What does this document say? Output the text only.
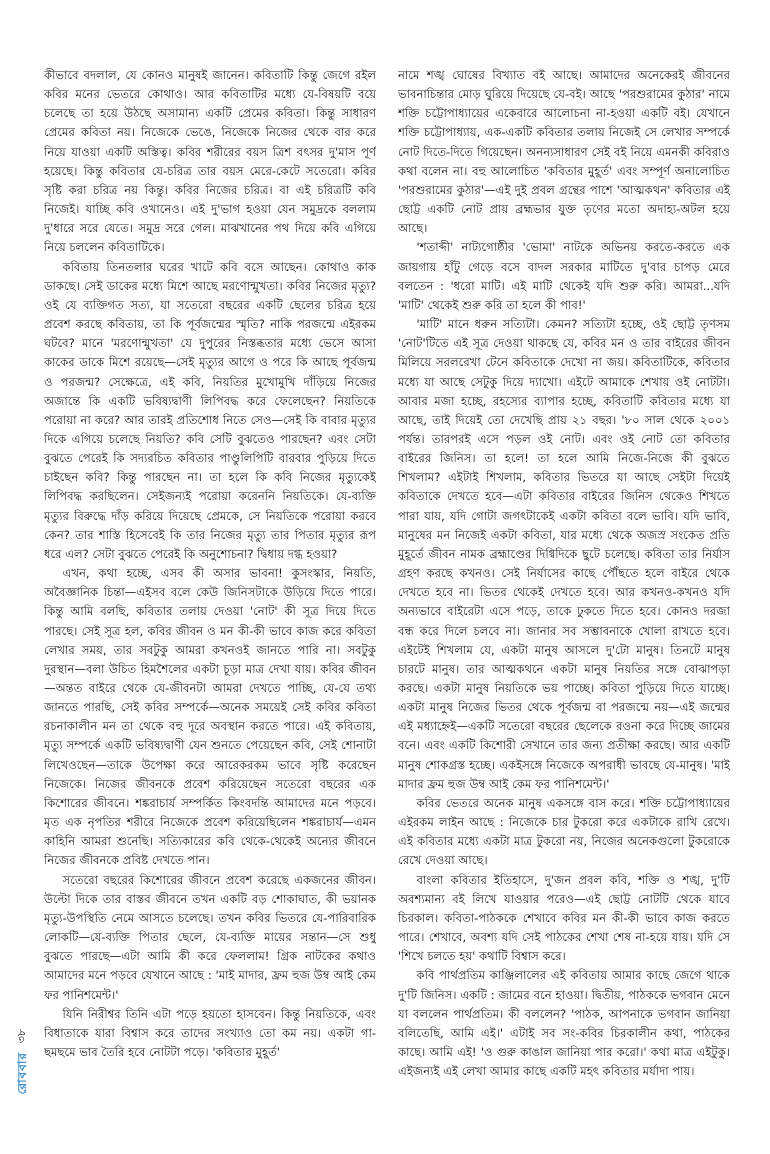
কীভাবে বদলাল, যে কোনও মানুষই জানেন। কবিতাটি কিন্তু জেগে রইল কবির মনের ভেতরে কোথাও। আর কবিতাটির মধ্যে যে-বিষয়টি বয়ে চলেছে তা হয়ে উঠছে অসামান্য একটি প্রেমের কবিতা। কিন্তু সাধারণ প্রেমের কবিতা নয়। নিজেকে ভেঙে, নিজেকে নিজের থেকে বার করে নিয়ে যাওয়া একটি অস্তিত্ব। কবির শরীরের বয়স ত্রিশ বৎসর দু'মাস পূর্ণ হয়েছে। কিন্তু কবিতার যে-চরিত্র তার বয়স মেরে-কেটে সতেরো। কবির সৃষ্টি করা চরিত্র নয় কিন্তু। কবির নিজের চরিত্র। বা এই চরিত্রটি কবি নিজেই। যাচ্ছি কবি ওখানেও। এই দু'ভাগ হওয়া যেন সমুদ্রকে বললাম দু'ধারে সরে যেতে। সমুদ্র সরে গেল। মাঝখানের পথ দিয়ে কবি এগিয়ে নিয়ে চললেন কবিতাটিকে।

কবিতায় তিনতলার ঘরের খাটে কবি বসে আছেন। কোথাও কাক ডাকছে। সেই ডাকের মধ্যে মিশে আছে মরণোন্মুখতা। কবির নিজের মৃত্যু? ওই যে ব্যক্তিগত সত্য, যা সতেরো বছরের একটি ছেলের চরিত্র হয়ে প্রবেশ করছে কবিতায়, তা কি পূর্বজন্মের স্মৃতি? নাকি পরজন্মে এইরকম ঘটবে? মানে 'মরণোন্মুখতা' যে দুপুরের নিস্তব্ধতার মধ্যে ভেসে আসা কাকের ডাকে মিশে রয়েছে—সেই মৃত্যুর আগে ও পরে কি আছে পূর্বজন্ম ও পরজন্ম? সেক্ষেত্রে, এই কবি, নিয়তির মুখোমুখি দাঁড়িয়ে নিজের অজান্তে কি একটি ভবিষ্যদ্বাণী লিপিবদ্ধ করে ফেলেছেন? নিয়তিকে পরোয়া না করে? আর তারই প্রতিশোধ নিতে সেও—সেই কি বাবার মৃত্যুর দিকে এগিয়ে চলেছে নিয়তি? কবি সেটি বুঝতেও পারছেন? এবং সেটা বুঝতে পেরেই কি সদ্যরচিত কবিতার পাণ্ডুলিপিটি বারবার পুড়িয়ে দিতে চাইছেন কবি? কিন্তু পারছেন না। তা হলে কি কবি নিজের মৃত্যুকেই লিপিবদ্ধ করছিলেন। সেইজন্যই পরোয়া করেননি নিয়তিকে। যে-ব্যক্তি মৃত্যুর বিরুদ্ধে দাঁড় করিয়ে দিয়েছে প্রেমকে, সে নিয়তিকে পরোয়া করবে কেন? তার শাস্তি হিসেবেই কি তার নিজের মৃত্যু তার পিতার মৃত্যুর রূপ ধরে এল? সেটা বুঝতে পেরেই কি অনুশোচনা? দ্বিধায় দগ্ধ হওয়া?

এখন, কথা হচ্ছে, এসব কী অসার ভাবনা! কুসংস্কার, নিয়তি, অবৈজ্ঞানিক চিন্তা—এইসব বলে কেউ জিনিসটাকে উড়িয়ে দিতে পারে। কিন্তু আমি বলছি, কবিতার তলায় দেওয়া 'নোট' কী সূত্র দিয়ে দিতে পারছে। সেই সূত্র হল, কবির জীবন ও মন কী-কী ভাবে কাজ করে কবিতা লেখার সময়, তার সবটুকু আমরা কখনওই জানতে পারি না। সবটুকু দুরস্থান—বলা উচিত হিমশৈলের একটা চূড়া মাত্র দেখা যায়। কবির জীবন—অন্তত বাইরে থেকে যে-জীবনটা আমরা দেখতে পাচ্ছি, যে-যে তথ্য জানতে পারছি, সেই কবির সম্পর্কে—অনেক সময়েই সেই কবির কবিতা রচনাকালীন মন তা থেকে বহু দূরে অবস্থান করতে পারে। এই কবিতায়, মৃত্যু সম্পর্কে একটি ভবিষ্যদ্বাণী যেন শুনতে পেয়েছেন কবি, সেই শোনাটা লিখেওছেন—তাকে উপেক্ষা করে আরেকরকম ভাবে সৃষ্টি করেছেন নিজেকে। নিজের জীবনকে প্রবেশ করিয়েছেন সতেরো বছরের এক কিশোরের জীবনে। শঙ্করাচার্য সম্পর্কিত কিংবদন্তি আমাদের মনে পড়বে। মৃত এক নৃপতির শরীরে নিজেকে প্রবেশ করিয়েছিলেন শঙ্করাচার্য—এমন কাহিনি আমরা শুনেছি। সত্যিকারের কবি থেকে-থেকেই অন্যের জীবনে নিজের জীবনকে প্রবিষ্ট দেখতে পান।

সতেরো বছরের কিশোরের জীবনে প্রবেশ করেছে একজনের জীবন। উল্টো দিকে তার বাস্তব জীবনে তখন একটি বড় শোকাঘাত, কী ভয়ানক মৃত্যু-উপস্থিতি নেমে আসতে চলেছে। তখন কবির ভিতরে যে-পারিবারিক লোকটি—যে-ব্যক্তি পিতার ছেলে, যে-ব্যক্তি মায়ের সন্তান—সে শুধু বুঝতে পারছে—এটা আমি কী করে ফেললাম! গ্রিক নাটকের কথাও আমাদের মনে পড়বে যেখানে আছে : 'মাই মাদার, ফ্রম হুজ উম্ব আই কেম ফর পানিশমেন্ট।'

যিনি নিরীশ্বর তিনি এটা পড়ে হয়তো হাসবেন। কিন্তু নিয়তিকে, এবং বিধাতাকে যারা বিশ্বাস করে তাদের সংখ্যাও তো কম নয়। একটা গা-ছমছমে ভাব তৈরি হবে নোটটা পড়ে। 'কবিতার মুহূর্ত'

নামে শঙ্খ ঘোষের বিখ্যাত বই আছে। আমাদের অনেকেরই জীবনের ভাবনাচিন্তার মোড় ঘুরিয়ে দিয়েছে যে-বই। আছে 'পরশুরামের কুঠার' নামে শক্তি চট্টোপাধ্যায়ের একেবারে আলোচনা না-হওয়া একটি বই। যেখানে শক্তি চট্টোপাধ্যায়, এক-একটি কবিতার তলায় নিজেই সে লেখার সম্পর্কে নোট দিতে-দিতে গিয়েছেন। অনন্যসাধারণ সেই বই নিয়ে এমনকী কবিরাও কথা বলেন না। বহু আলোচিত 'কবিতার মুহূর্ত' এবং সম্পূর্ণ অনালোচিত 'পরশুরামের কুঠার'—এই দুই প্রবল গ্রন্থের পাশে 'আত্মকথন' কবিতার এই ছোট্ট একটি নোট প্রায় ব্রহ্মভার যুক্ত তৃণের মতো অদাহ্য-অটল হয়ে আছে।

'শতাব্দী' নাট্যগোষ্ঠীর 'ভোমা' নাটকে অভিনয় করতে-করতে এক জায়গায় হাঁটু গেড়ে বসে বাদল সরকার মাটিতে দু'বার চাপড় মেরে বলতেন : 'ধরো মাটি। এই মাটি থেকেই যদি শুরু করি। আমরা...যদি 'মাটি' থেকেই শুরু করি তা হলে কী পাব!'

'মাটি' মানে ধরুন সত্যিটা। কেমন? সত্যিটা হচ্ছে, ওই ছোট্ট তৃণসম 'নোট'টিতে এই সূত্র দেওয়া থাকছে যে, কবির মন ও তার বাইরের জীবন মিলিয়ে সরলরেখা টেনে কবিতাকে দেখো না জয়। কবিতাটিকে, কবিতার মধ্যে যা আছে সেটুকু দিয়ে দ্যাখো। এইটে আমাকে শেখায় ওই নোটটা। আবার মজা হচ্ছে, রহস্যের ব্যাপার হচ্ছে, কবিতাটি কবিতার মধ্যে যা আছে, তাই দিয়েই তো দেখেছি প্রায় ২১ বছর। '৮০ সাল থেকে ২০০১ পর্যন্ত। তারপরই এসে পড়ল ওই নোট। এবং ওই নোট তো কবিতার বাইরের জিনিস। তা হলে! তা হলে আমি নিজে-নিজে কী বুঝতে শিখলাম? এইটাই শিখলাম, কবিতার ভিতরে যা আছে সেইটা দিয়েই কবিতাকে দেখতে হবে—এটা কবিতার বাইরের জিনিস থেকেও শিখতে পারা যায়, যদি গোটা জগৎটাকেই একটা কবিতা বলে ভাবি। যদি ভাবি, মানুষের মন নিজেই একটা কবিতা, যার মধ্যে থেকে অজস্র সংকেত প্রতি মুহূর্তে জীবন নামক ব্রহ্মাণ্ডের দিগ্বিদিকে ছুটে চলেছে। কবিতা তার নির্যাস গ্রহণ করছে কখনও। সেই নির্যাসের কাছে পৌঁছতে হলে বাইরে থেকে দেখতে হবে না। ভিতর থেকেই দেখতে হবে। আর কখনও-কখনও যদি অন্যভাবে বাইরেটা এসে পড়ে, তাকে ঢুকতে দিতে হবে। কোনও দরজা বন্ধ করে দিলে চলবে না। জানার সব সম্ভাবনাকে খোলা রাখতে হবে। এইটেই শিখলাম যে, একটা মানুষ আসলে দু'টো মানুষ। তিনটে মানুষ চারটে মানুষ। তার আত্মকথনে একটা মানুষ নিয়তির সঙ্গে বোঝাপড়া করছে। একটা মানুষ নিয়তিকে ভয় পাচ্ছে। কবিতা পুড়িয়ে দিতে যাচ্ছে। একটা মানুষ নিজের ভিতর থেকে পূর্বজন্ম বা পরজন্মে নয়—এই জন্মের এই মধ্যাহ্নেই—একটি সতেরো বছরের ছেলেকে রওনা করে দিচ্ছে জামের বনে। এবং একটি কিশোরী সেখানে তার জন্য প্রতীক্ষা করছে। আর একটি মানুষ শোকগ্রস্ত হচ্ছে। একইসঙ্গে নিজেকে অপরাধী ভাবছে যে-মানুষ। 'মাই মাদার ফ্রম হুজ উম্ব আই কেম ফর পানিশমেন্ট।'

কবির ভেতরে অনেক মানুষ একসঙ্গে বাস করে। শক্তি চট্টোপাধ্যায়ের এইরকম লাইন আছে : নিজেকে চার টুকরো করে একটাকে রাখি রেখে। এই কবিতার মধ্যে একটা মাত্র টুকরো নয়, নিজের অনেকগুলো টুকরোকে রেখে দেওয়া আছে।

বাংলা কবিতার ইতিহাসে, দু'জন প্রবল কবি, শক্তি ও শঙ্খ, দু'টি অবশ্যমান্য বই লিখে যাওয়ার পরেও—এই ছোট্ট নোটটি থেকে যাবে চিরকাল। কবিতা-পাঠককে শেখাবে কবির মন কী-কী ভাবে কাজ করতে পারে। শেখাবে, অবশ্য যদি সেই পাঠকের শেখা শেষ না-হয়ে যায়। যদি সে 'শিখে চলতে হয়' কথাটি বিশ্বাস করে।

কবি পার্থপ্রতিম কাঞ্জিলালের এই কবিতায় আমার কাছে জেগে থাকে দু'টি জিনিস। একটি : জামের বনে হাওয়া। দ্বিতীয়, পাঠককে ভগবান মেনে যা বললেন পার্থপ্রতিম। কী বললেন? 'পাঠক, আপনাকে ভগবান জানিয়া বলিতেছি, আমি এই।' এটাই সব সং-কবির চিরকালীন কথা, পাঠকের কাছে। আমি এই! 'ও গুরু কাঙাল জানিয়া পার করো।' কথা মাত্র এইটুকু। এইজন্যই এই লেখা আমার কাছে একটি মহৎ কবিতার মর্যাদা পায়।

রোববার
৩৮
